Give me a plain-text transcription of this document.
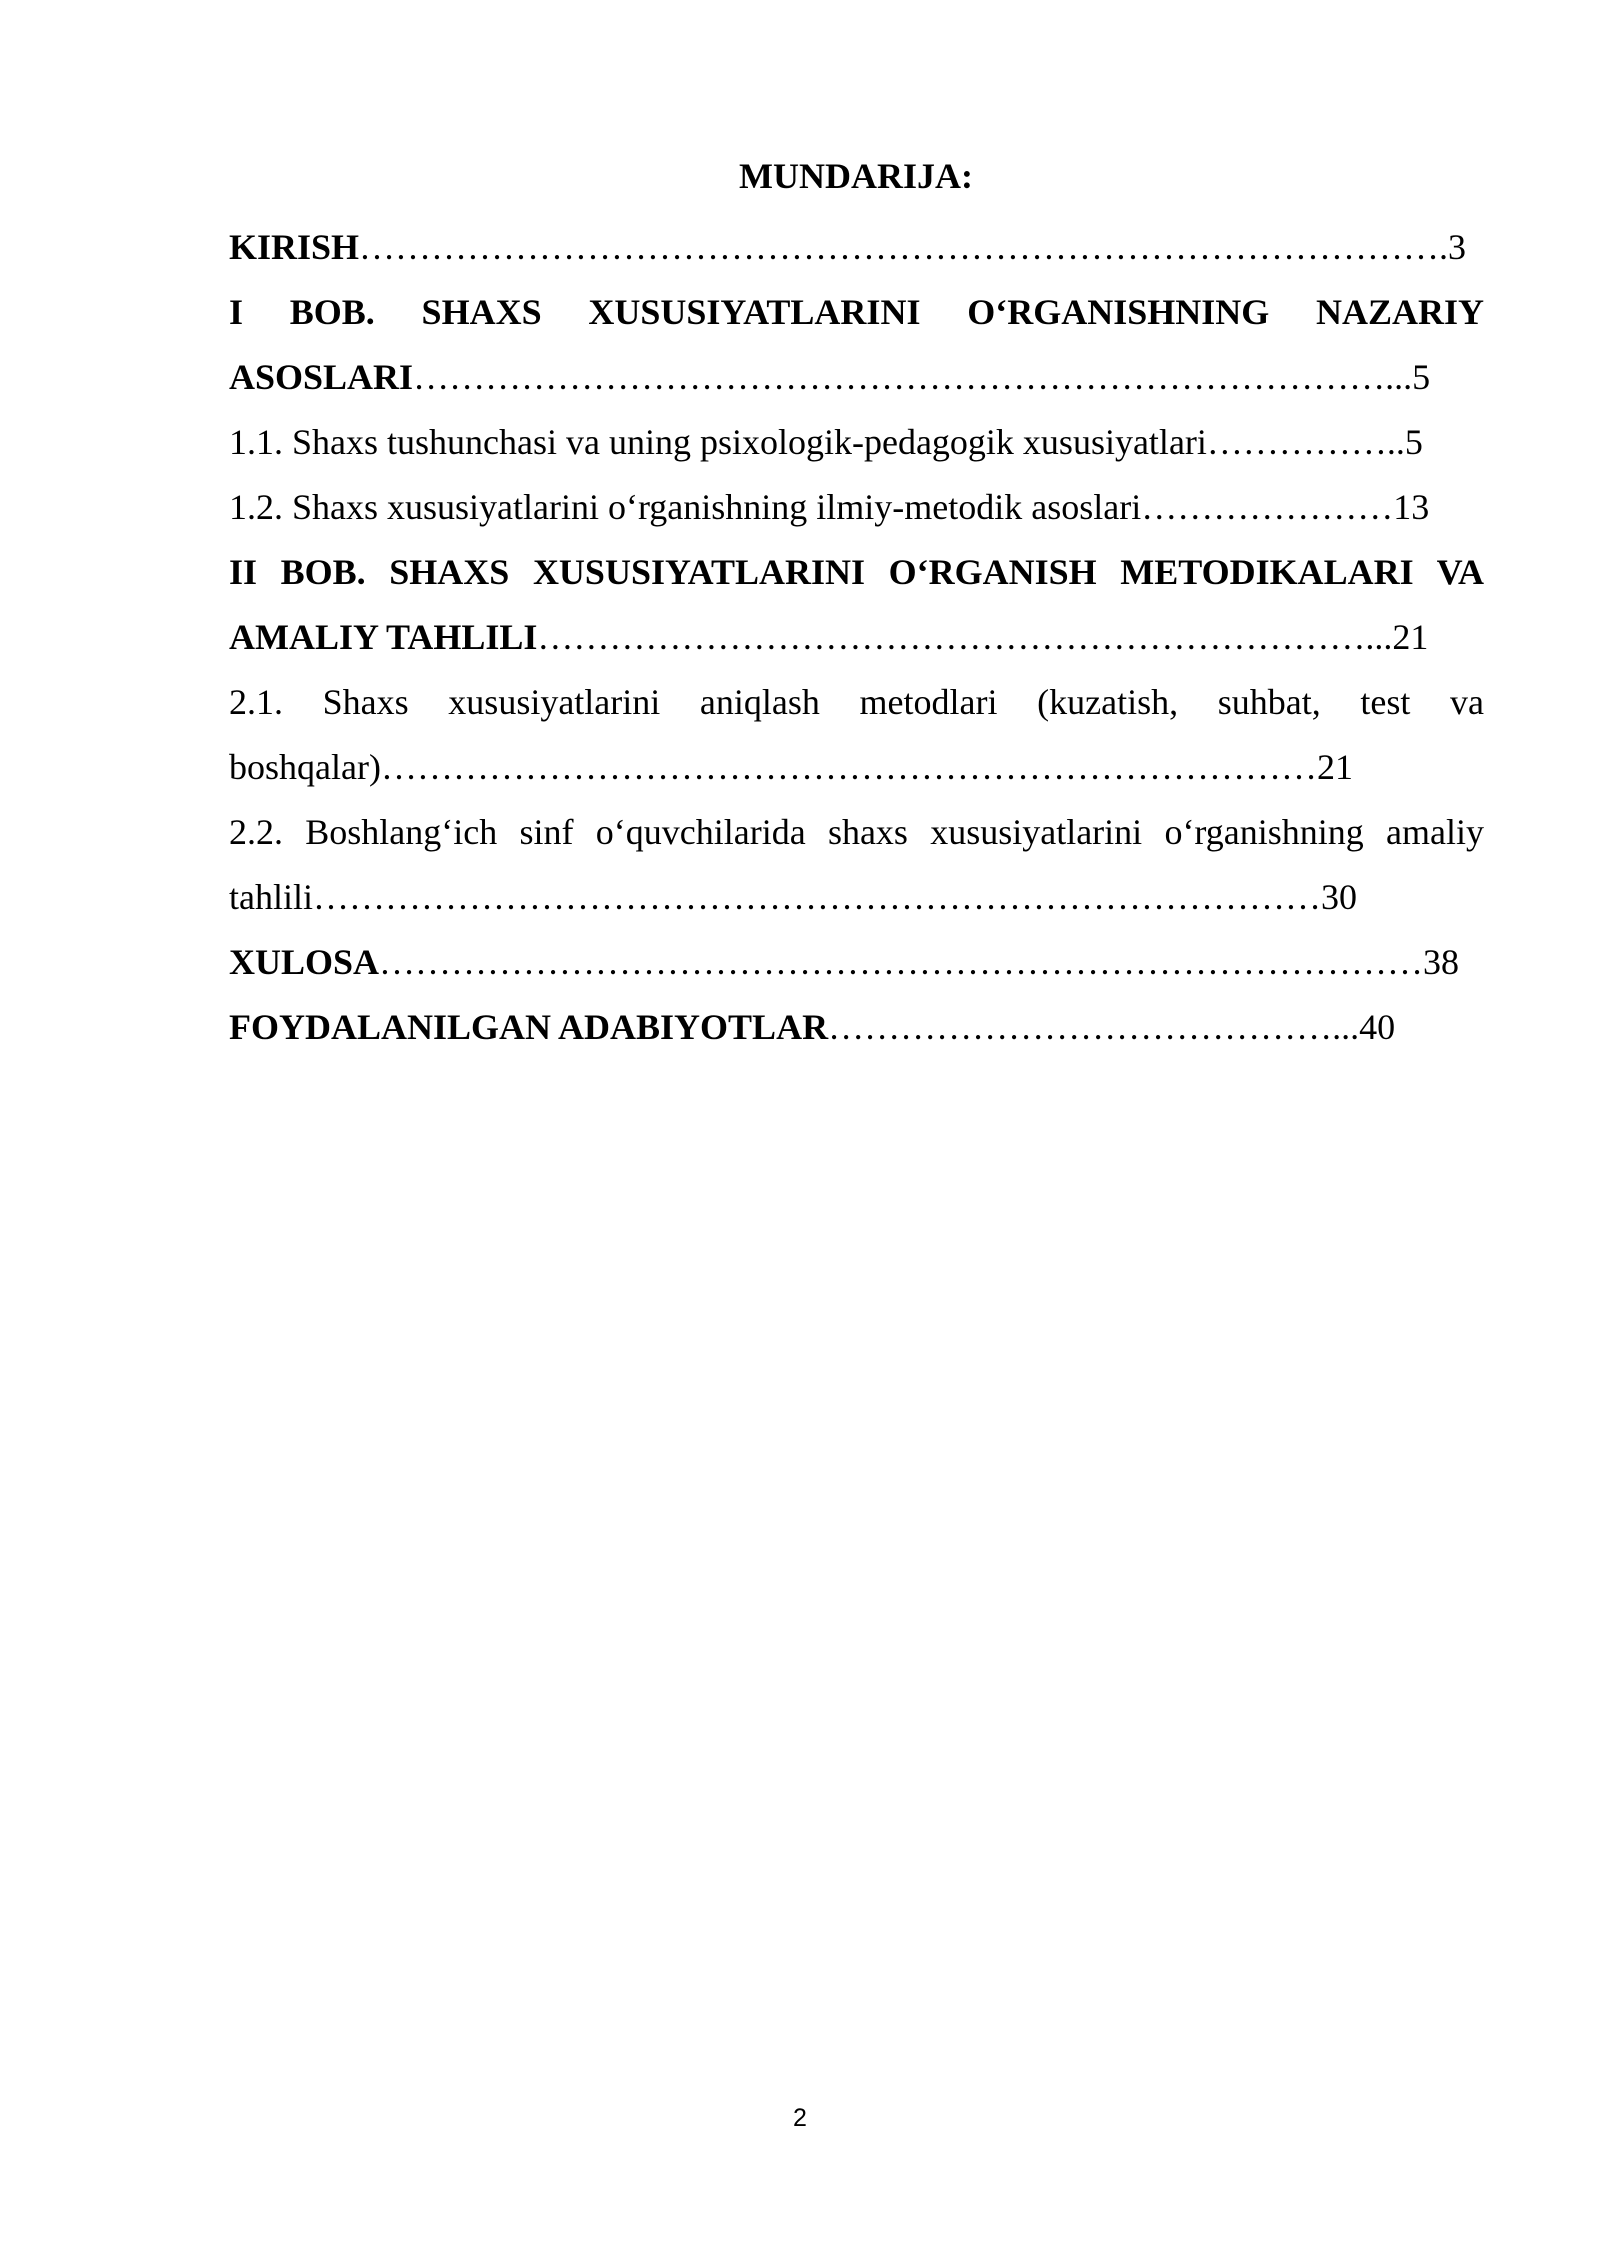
MUNDARIJA:

KIRISH……………………………………………………………………………….3

I BOB. SHAXS XUSUSIYATLARINI O‘RGANISHNING NAZARIY ASOSLARI………………………………………………………………………...5

1.1. Shaxs tushunchasi va uning psixologik-pedagogik xususiyatlari……………..5

1.2. Shaxs xususiyatlarini o‘rganishning ilmiy-metodik asoslari…………………13

II BOB. SHAXS XUSUSIYATLARINI O‘RGANISH METODIKALARI VA AMALIY TAHLILI……………………………………………………………...21

2.1. Shaxs xususiyatlarini aniqlash metodlari (kuzatish, suhbat, test va boshqalar)……………………………………………………………………21

2.2. Boshlang‘ich sinf o‘quvchilarida shaxs xususiyatlarini o‘rganishning amaliy tahlili…………………………………………………………………………30

XULOSA……………………………………………………………………………38

FOYDALANILGAN ADABIYOTLAR……………………………………...40

2
